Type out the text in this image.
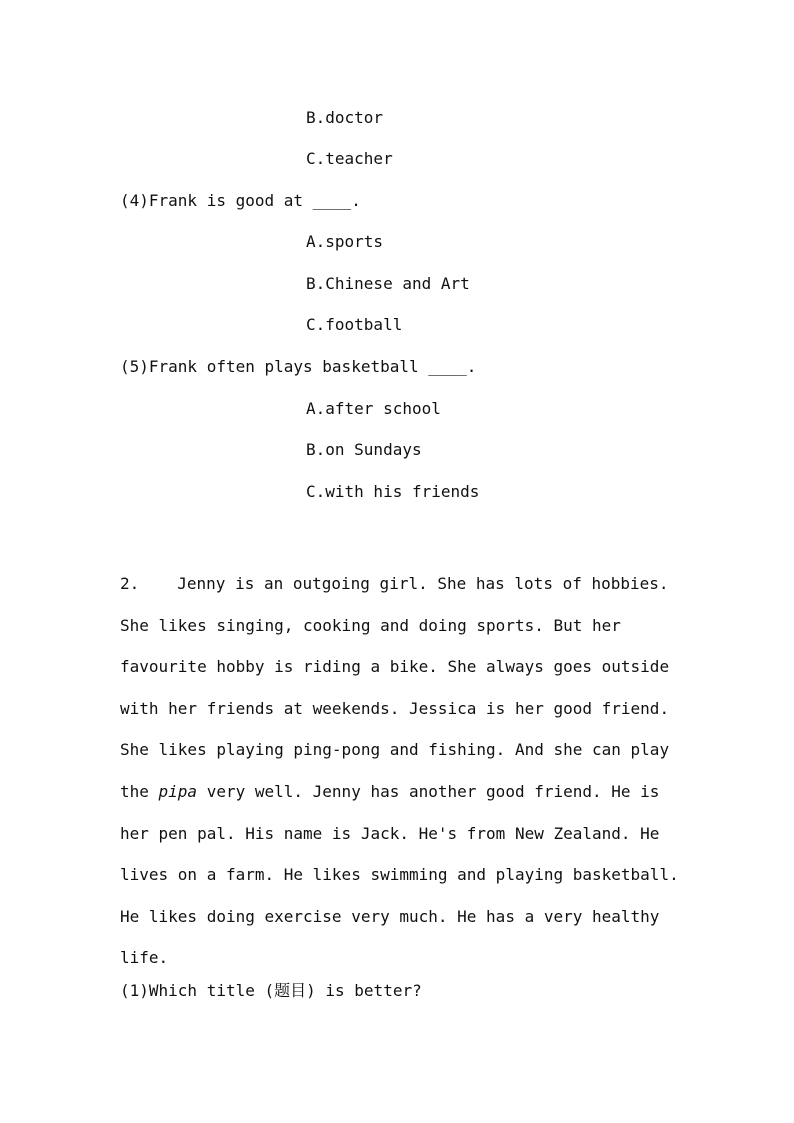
B.doctor
C.teacher
(4)Frank is good at ____.
A.sports
B.Chinese and Art
C.football
(5)Frank often plays basketball ____.
A.after school
B.on Sundays
C.with his friends
2. Jenny is an outgoing girl. She has lots of hobbies.
She likes singing, cooking and doing sports. But her
favourite hobby is riding a bike. She always goes outside
with her friends at weekends. Jessica is her good friend.
She likes playing ping-pong and fishing. And she can play
the pipa very well. Jenny has another good friend. He is
her pen pal. His name is Jack. He's from New Zealand. He
lives on a farm. He likes swimming and playing basketball.
He likes doing exercise very much. He has a very healthy
life.
(1)Which title (题目) is better?
